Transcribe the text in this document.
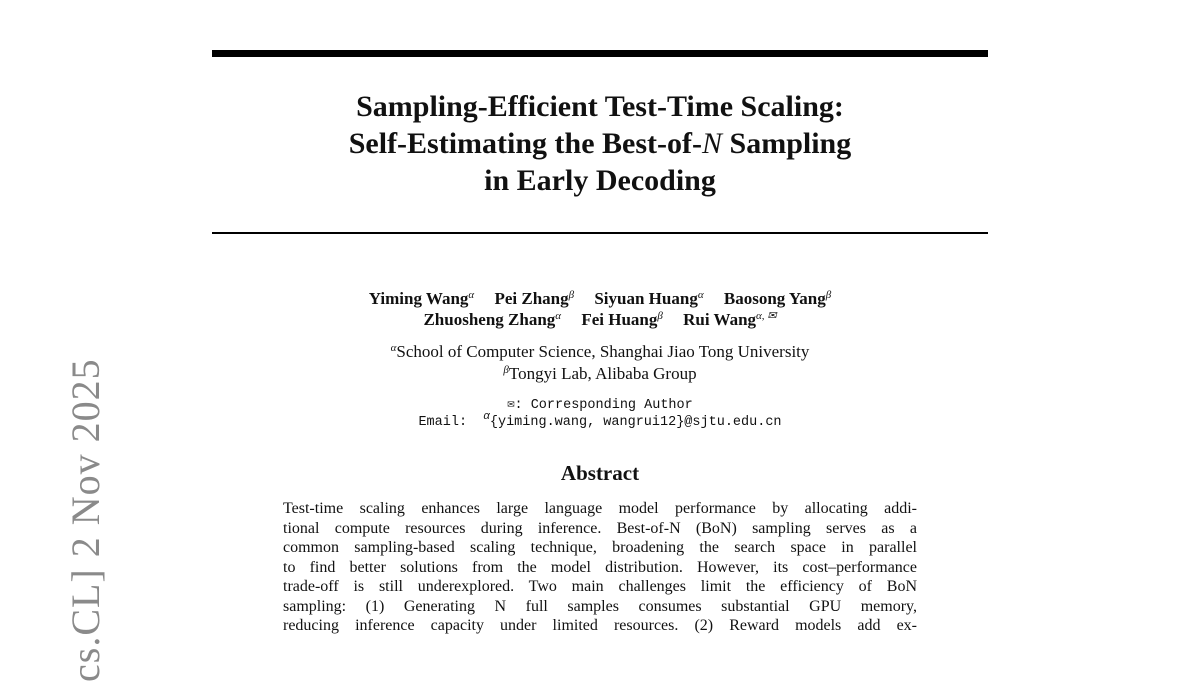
cs.CL] 2 Nov 2025
Sampling-Efficient Test-Time Scaling:
Self-Estimating the Best-of-N Sampling
in Early Decoding
Yiming Wang$^\alpha$ Pei Zhang$^\beta$ Siyuan Huang$^\alpha$ Baosong Yang$^\beta$
Zhuosheng Zhang$^\alpha$ Fei Huang$^\beta$ Rui Wang$^{\alpha, ✉}$
$^\alpha$School of Computer Science, Shanghai Jiao Tong University
$^\beta$Tongyi Lab, Alibaba Group
✉: Corresponding Author
Email:  $^\alpha${yiming.wang, wangrui12}@sjtu.edu.cn
Abstract
Test-time scaling enhances large language model performance by allocating addi-
tional compute resources during inference. Best-of-N (BoN) sampling serves as a
common sampling-based scaling technique, broadening the search space in parallel
to find better solutions from the model distribution. However, its cost–performance
trade-off is still underexplored. Two main challenges limit the efficiency of BoN
sampling: (1) Generating N full samples consumes substantial GPU memory,
reducing inference capacity under limited resources. (2) Reward models add ex-
